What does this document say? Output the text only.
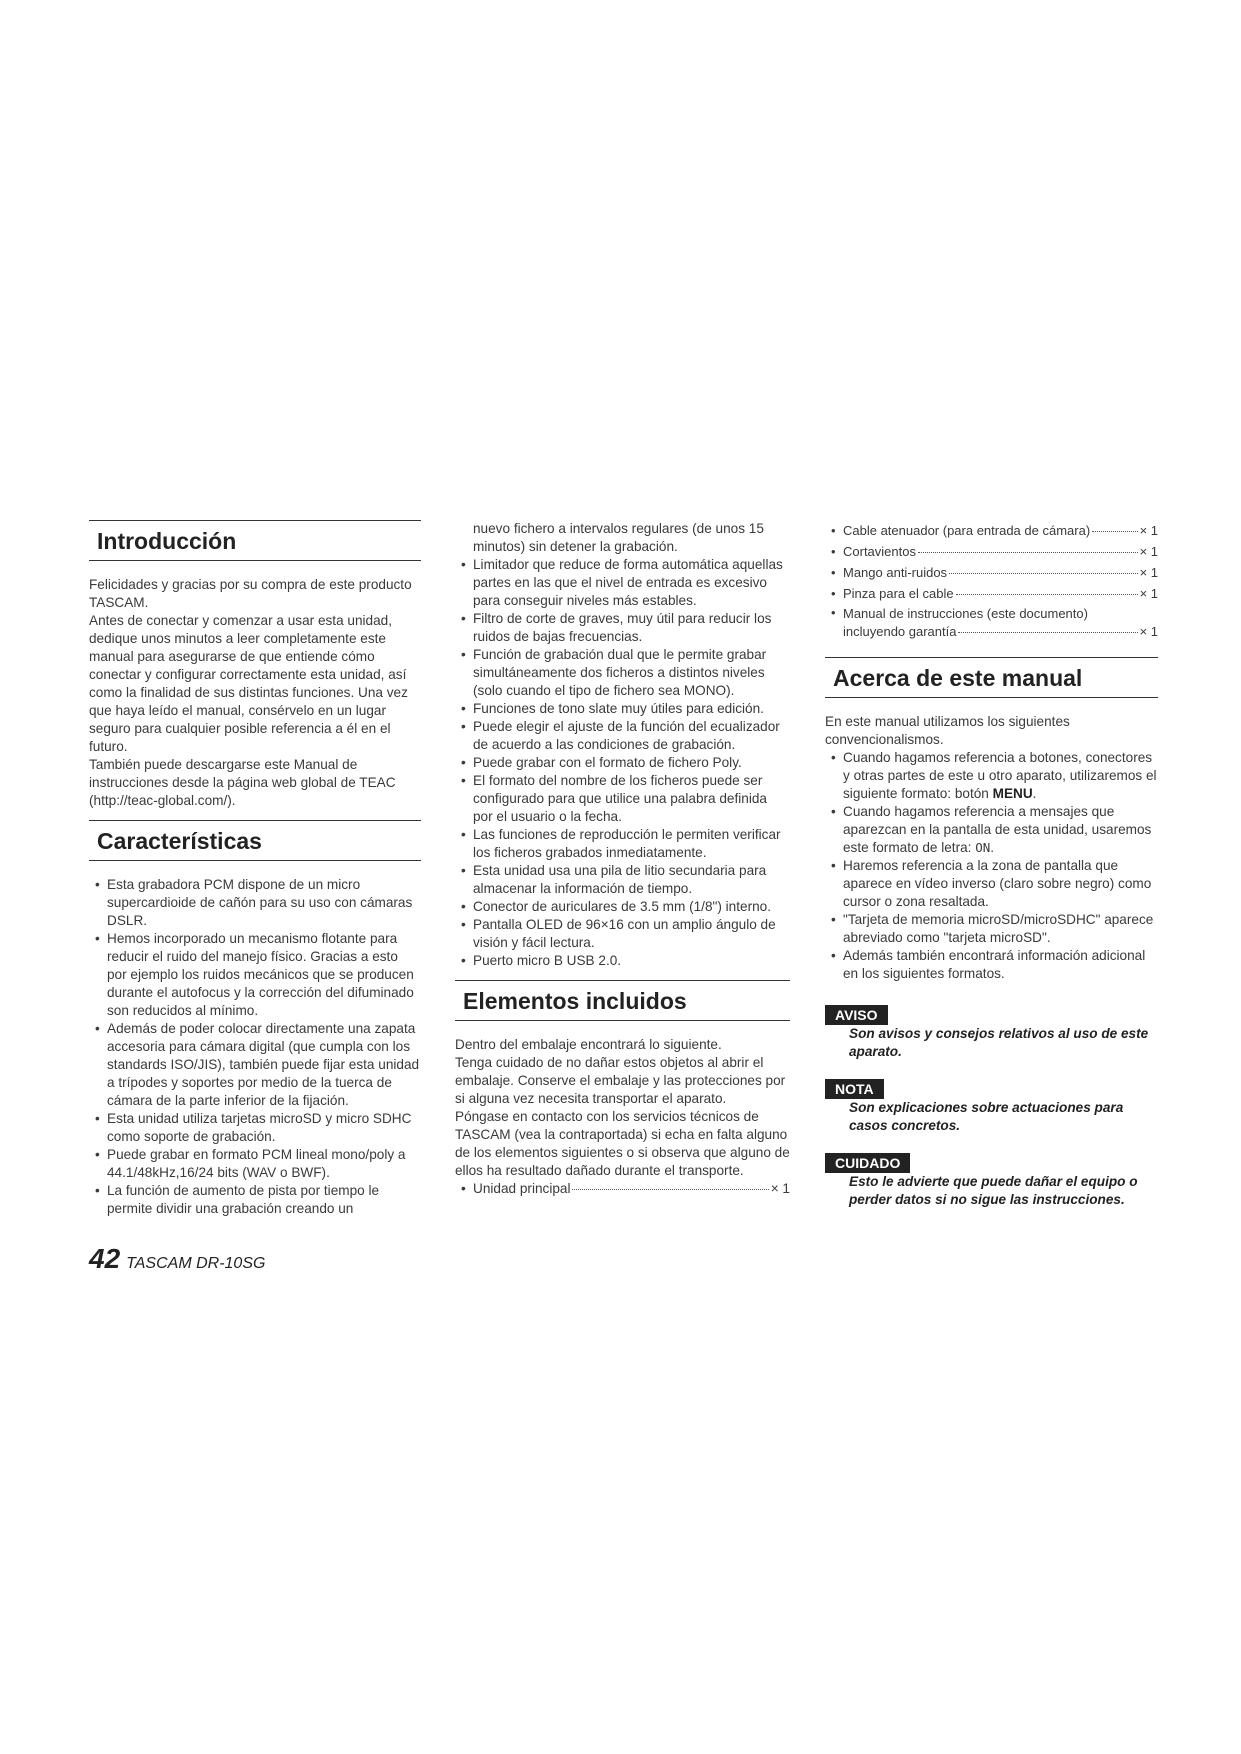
Introducción

Felicidades y gracias por su compra de este producto TASCAM.

Antes de conectar y comenzar a usar esta unidad, dedique unos minutos a leer completamente este manual para asegurarse de que entiende cómo conectar y configurar correctamente esta unidad, así como la finalidad de sus distintas funciones. Una vez que haya leído el manual, consérvelo en un lugar seguro para cualquier posible referencia a él en el futuro.

También puede descargarse este Manual de instrucciones desde la página web global de TEAC (http://teac-global.com/).

Características
• Esta grabadora PCM dispone de un micro supercardioide de cañón para su uso con cámaras DSLR.
• Hemos incorporado un mecanismo flotante para reducir el ruido del manejo físico. Gracias a esto por ejemplo los ruidos mecánicos que se producen durante el autofocus y la corrección del difuminado son reducidos al mínimo.
• Además de poder colocar directamente una zapata accesoria para cámara digital (que cumpla con los standards ISO/JIS), también puede fijar esta unidad a trípodes y soportes por medio de la tuerca de cámara de la parte inferior de la fijación.
• Esta unidad utiliza tarjetas microSD y micro SDHC como soporte de grabación.
• Puede grabar en formato PCM lineal mono/poly a 44.1/48kHz,16/24 bits (WAV o BWF).
• La función de aumento de pista por tiempo le permite dividir una grabación creando un

nuevo fichero a intervalos regulares (de unos 15 minutos) sin detener la grabación.

• Limitador que reduce de forma automática aquellas partes en las que el nivel de entrada es excesivo para conseguir niveles más estables.
• Filtro de corte de graves, muy útil para reducir los ruidos de bajas frecuencias.
• Función de grabación dual que le permite grabar simultáneamente dos ficheros a distintos niveles (solo cuando el tipo de fichero sea MONO).
• Funciones de tono slate muy útiles para edición.
• Puede elegir el ajuste de la función del ecualizador de acuerdo a las condiciones de grabación.
• Puede grabar con el formato de fichero Poly.
• El formato del nombre de los ficheros puede ser configurado para que utilice una palabra definida por el usuario o la fecha.
• Las funciones de reproducción le permiten verificar los ficheros grabados inmediatamente.
• Esta unidad usa una pila de litio secundaria para almacenar la información de tiempo.
• Conector de auriculares de 3.5 mm (1/8") interno.
• Pantalla OLED de 96×16 con un amplio ángulo de visión y fácil lectura.
• Puerto micro B USB 2.0.
Elementos incluidos

Dentro del embalaje encontrará lo siguiente.

Tenga cuidado de no dañar estos objetos al abrir el embalaje. Conserve el embalaje y las protecciones por si alguna vez necesita transportar el aparato.

Póngase en contacto con los servicios técnicos de TASCAM (vea la contraportada) si echa en falta alguno de los elementos siguientes o si observa que alguno de ellos ha resultado dañado durante el transporte.

• Unidad principal	× 1
• Cable atenuador (para entrada de cámara)	× 1
• Cortavientos	× 1
• Mango anti-ruidos	× 1
• Pinza para el cable	× 1
• Manual de instrucciones (este documento)
incluyendo garantía	× 1
Acerca de este manual

En este manual utilizamos los siguientes convencionalismos.

• Cuando hagamos referencia a botones, conectores y otras partes de este u otro aparato, utilizaremos el siguiente formato: botón MENU.
• Cuando hagamos referencia a mensajes que aparezcan en la pantalla de esta unidad, usaremos este formato de letra: ON.
• Haremos referencia a la zona de pantalla que aparece en vídeo inverso (claro sobre negro) como cursor o zona resaltada.
• "Tarjeta de memoria microSD/microSDHC" aparece abreviado como "tarjeta microSD".
• Además también encontrará información adicional en los siguientes formatos.
AVISO

Son avisos y consejos relativos al uso de este aparato.

NOTA

Son explicaciones sobre actuaciones para casos concretos.

CUIDADO

Esto le advierte que puede dañar el equipo o perder datos si no sigue las instrucciones.

42 TASCAM DR-10SG
